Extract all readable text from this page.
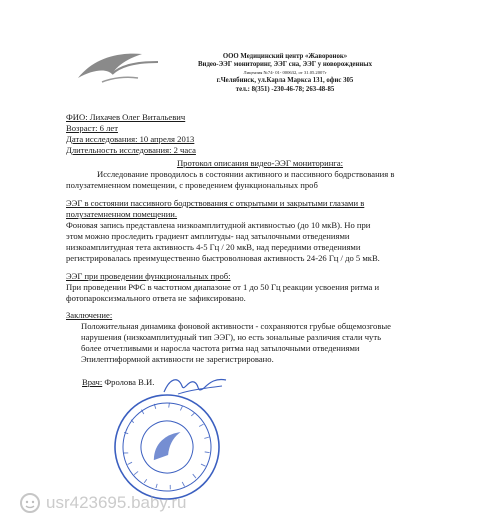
ООО Медицинский центр «Жаворонок»
Видео-ЭЭГ мониторинг, ЭЭГ сна, ЭЭГ у новорожденных
Лицензия №74- 01- 000632, от 31.05.2007г
г.Челябинск, ул.Карла Маркса 131, офис 305
тел.: 8(351) -230-46-78; 263-48-85
ФИО: Лихачев Олег Витальевич
Возраст: 6 лет
Дата исследования: 10 апреля 2013
Длительность исследования: 2 часа
Протокол описания видео-ЭЭГ мониторинга:
Исследование проводилось в состоянии активного и пассивного бодрствования в
полузатемненном помещении, с проведением функциональных проб
ЭЭГ в состоянии пассивного бодрствования с открытыми и закрытыми глазами в
полузатемненном помещении.
Фоновая запись представлена низкоамплитудной активностью (до 10 мкВ). Но при
этом можно проследить градиент амплитуды- над затылочными отведениями
низкоамплитудная тета активность 4-5 Гц / 20 мкВ, над передними отведениями
регистрировалась преимущественно быстроволновая активность 24-26 Гц / до 5 мкВ.
ЭЭГ при проведении функциональных проб:
При проведении РФС в частотном диапазоне от 1 до 50 Гц реакции усвоения ритма и
фотопароксизмального ответа не зафиксировано.
Заключение:
Положительная динамика фоновой активности - сохраняются грубые общемозговые
нарушения (низкоамплитудный тип ЭЭГ), но есть зональные различия стали чуть
более отчетливыми и наросла частота ритма над затылочными отведениями
Эпилептиформной активности не зарегистрировано.
Врач: Фролова В.И.
usr423695.baby.ru
